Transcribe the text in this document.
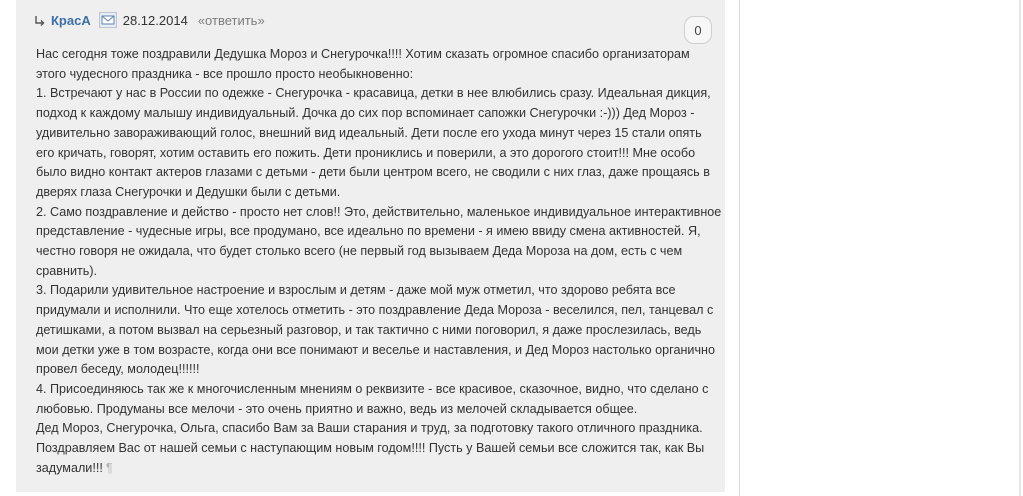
КрасА 28.12.2014 «ответить»
0

Нас сегодня тоже поздравили Дедушка Мороз и Снегурочка!!!! Хотим сказать огромное спасибо организаторам этого чудесного праздника - все прошло просто необыкновенно:

1. Встречают у нас в России по одежке - Снегурочка - красавица, детки в нее влюбились сразу. Идеальная дикция, подход к каждому малышу индивидуальный. Дочка до сих пор вспоминает сапожки Снегурочки :-))) Дед Мороз - удивительно завораживающий голос, внешний вид идеальный. Дети после его ухода минут через 15 стали опять его кричать, говорят, хотим оставить его пожить. Дети прониклись и поверили, а это дорогого стоит!!! Мне особо было видно контакт актеров глазами с детьми - дети были центром всего, не сводили с них глаз, даже прощаясь в дверях глаза Снегурочки и Дедушки были с детьми.

2. Само поздравление и действо - просто нет слов!! Это, действительно, маленькое индивидуальное интерактивное представление - чудесные игры, все продумано, все идеально по времени - я имею ввиду смена активностей. Я, честно говоря не ожидала, что будет столько всего (не первый год вызываем Деда Мороза на дом, есть с чем сравнить).

3. Подарили удивительное настроение и взрослым и детям - даже мой муж отметил, что здорово ребята все придумали и исполнили. Что еще хотелось отметить - это поздравление Деда Мороза - веселился, пел, танцевал с детишками, а потом вызвал на серьезный разговор, и так тактично с ними поговорил, я даже прослезилась, ведь мои детки уже в том возрасте, когда они все понимают и веселье и наставления, и Дед Мороз настолько органично провел беседу, молодец!!!!!!

4. Присоединяюсь так же к многочисленным мнениям о реквизите - все красивое, сказочное, видно, что сделано с любовью. Продуманы все мелочи - это очень приятно и важно, ведь из мелочей складывается общее.

Дед Мороз, Снегурочка, Ольга, спасибо Вам за Ваши старания и труд, за подготовку такого отличного праздника. Поздравляем Вас от нашей семьи с наступающим новым годом!!!! Пусть у Вашей семьи все сложится так, как Вы задумали!!! ¶
